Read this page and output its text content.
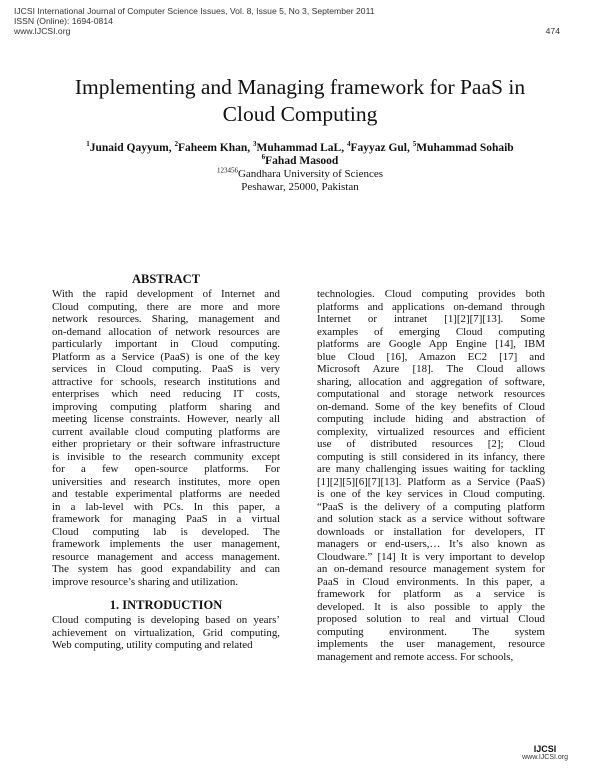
IJCSI International Journal of Computer Science Issues, Vol. 8, Issue 5, No 3, September 2011
ISSN (Online): 1694-0814
www.IJCSI.org	474
Implementing and Managing framework for PaaS in
Cloud Computing
$^1$Junaid Qayyum, $^2$Faheem Khan, $^3$Muhammad LaL, $^4$Fayyaz Gul, $^5$Muhammad Sohaib
$^6$Fahad Masood
$^{123456}$Gandhara University of Sciences
Peshawar, 25000, Pakistan
ABSTRACT
With the rapid development of Internet and
Cloud computing, there are more and more
network resources. Sharing, management and
on-demand allocation of network resources are
particularly important in Cloud computing.
Platform as a Service (PaaS) is one of the key
services in Cloud computing. PaaS is very
attractive for schools, research institutions and
enterprises which need reducing IT costs,
improving computing platform sharing and
meeting license constraints. However, nearly all
current available cloud computing platforms are
either proprietary or their software infrastructure
is invisible to the research community except
for a few open-source platforms. For
universities and research institutes, more open
and testable experimental platforms are needed
in a lab-level with PCs. In this paper, a
framework for managing PaaS in a virtual
Cloud computing lab is developed. The
framework implements the user management,
resource management and access management.
The system has good expandability and can
improve resource’s sharing and utilization.
1. INTRODUCTION
Cloud computing is developing based on years’
achievement on virtualization, Grid computing,
Web computing, utility computing and related
technologies. Cloud computing provides both
platforms and applications on-demand through
Internet or intranet [1][2][7][13]. Some
examples of emerging Cloud computing
platforms are Google App Engine [14], IBM
blue Cloud [16], Amazon EC2 [17] and
Microsoft Azure [18]. The Cloud allows
sharing, allocation and aggregation of software,
computational and storage network resources
on-demand. Some of the key benefits of Cloud
computing include hiding and abstraction of
complexity, virtualized resources and efficient
use of distributed resources [2]; Cloud
computing is still considered in its infancy, there
are many challenging issues waiting for tackling
[1][2][5][6][7][13]. Platform as a Service (PaaS)
is one of the key services in Cloud computing.
“PaaS is the delivery of a computing platform
and solution stack as a service without software
downloads or installation for developers, IT
managers or end-users,… It’s also known as
Cloudware.” [14] It is very important to develop
an on-demand resource management system for
PaaS in Cloud environments. In this paper, a
framework for platform as a service is
developed. It is also possible to apply the
proposed solution to real and virtual Cloud
computing environment. The system
implements the user management, resource
management and remote access. For schools,
IJCSI
www.IJCSI.org
